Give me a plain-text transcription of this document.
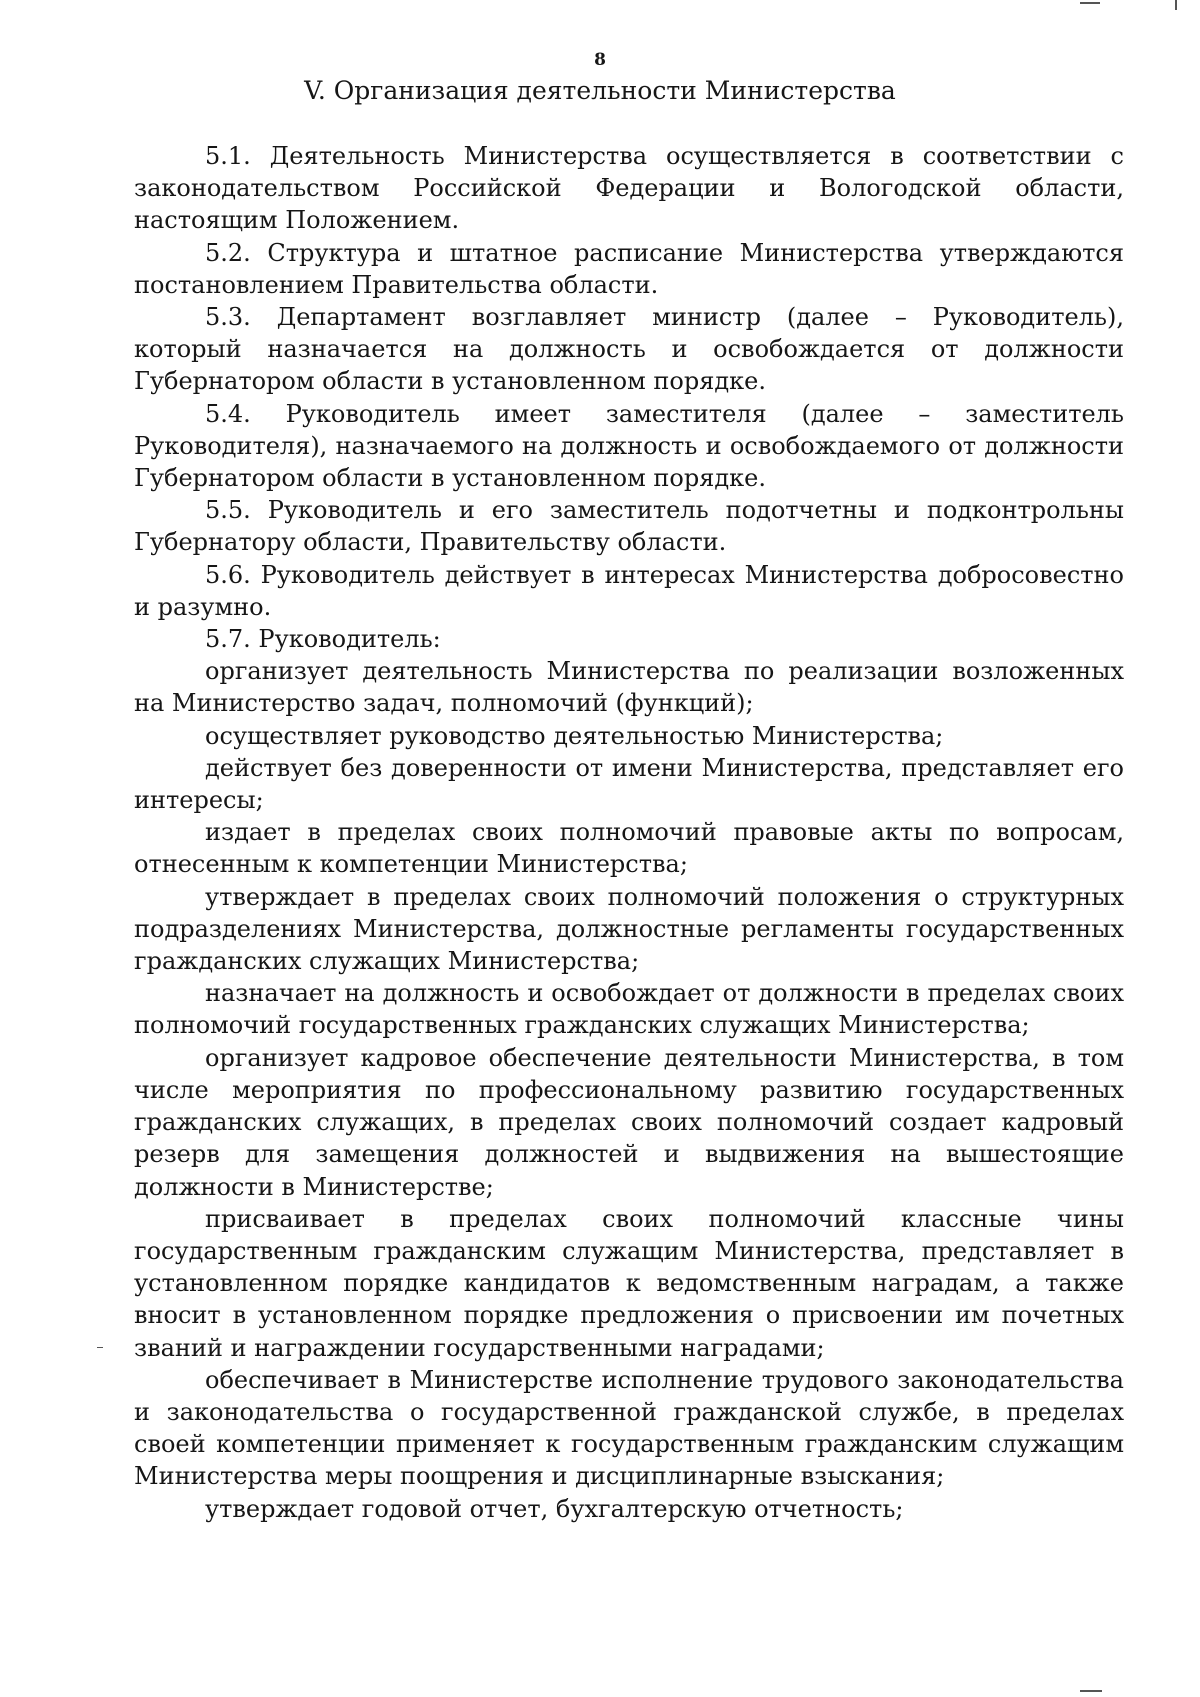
8
V. Организация деятельности Министерства

5.1. Деятельность Министерства осуществляется в соответствии с законодательством Российской Федерации и Вологодской области, настоящим Положением.

5.2. Структура и штатное расписание Министерства утверждаются постановлением Правительства области.

5.3. Департамент возглавляет министр (далее – Руководитель), который назначается на должность и освобождается от должности Губернатором области в установленном порядке.

5.4. Руководитель имеет заместителя (далее – заместитель Руководителя), назначаемого на должность и освобождаемого от должности Губернатором области в установленном порядке.

5.5. Руководитель и его заместитель подотчетны и подконтрольны Губернатору области, Правительству области.

5.6. Руководитель действует в интересах Министерства добросовестно и разумно.

5.7. Руководитель:

организует деятельность Министерства по реализации возложенных на Министерство задач, полномочий (функций);

осуществляет руководство деятельностью Министерства;

действует без доверенности от имени Министерства, представляет его интересы;

издает в пределах своих полномочий правовые акты по вопросам, отнесенным к компетенции Министерства;

утверждает в пределах своих полномочий положения о структурных подразделениях Министерства, должностные регламенты государственных гражданских служащих Министерства;

назначает на должность и освобождает от должности в пределах своих полномочий государственных гражданских служащих Министерства;

организует кадровое обеспечение деятельности Министерства, в том числе мероприятия по профессиональному развитию государственных гражданских служащих, в пределах своих полномочий создает кадровый резерв для замещения должностей и выдвижения на вышестоящие должности в Министерстве;

присваивает в пределах своих полномочий классные чины государственным гражданским служащим Министерства, представляет в установленном порядке кандидатов к ведомственным наградам, а также вносит в установленном порядке предложения о присвоении им почетных званий и награждении государственными наградами;

обеспечивает в Министерстве исполнение трудового законодательства и законодательства о государственной гражданской службе, в пределах своей компетенции применяет к государственным гражданским служащим Министерства меры поощрения и дисциплинарные взыскания;

утверждает годовой отчет, бухгалтерскую отчетность;
